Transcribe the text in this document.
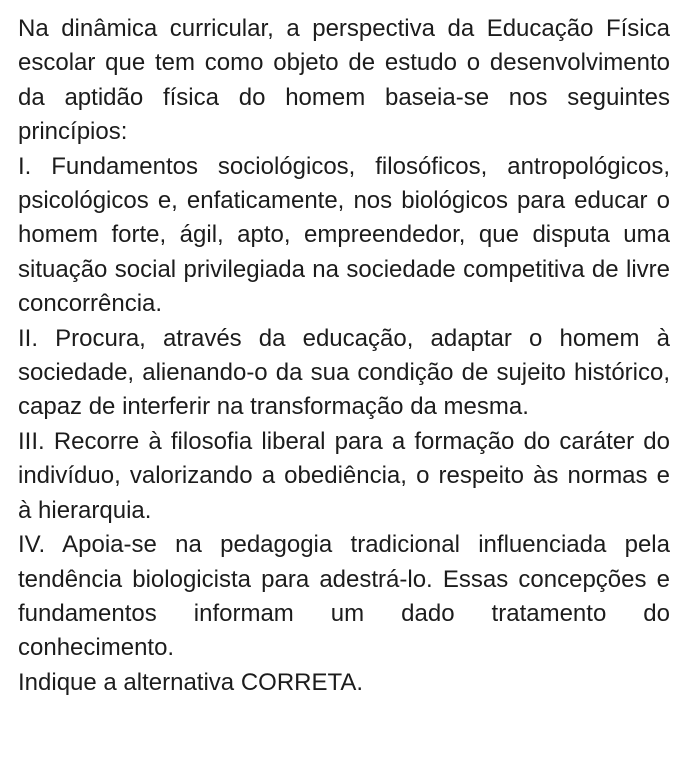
Na dinâmica curricular, a perspectiva da Educação Física escolar que tem como objeto de estudo o desenvolvimento da aptidão física do homem baseia-se nos seguintes princípios:

I. Fundamentos sociológicos, filosóficos, antropológicos, psicológicos e, enfaticamente, nos biológicos para educar o homem forte, ágil, apto, empreendedor, que disputa uma situação social privilegiada na sociedade competitiva de livre concorrência.

II. Procura, através da educação, adaptar o homem à sociedade, alienando-o da sua condição de sujeito histórico, capaz de interferir na transformação da mesma.

III. Recorre à filosofia liberal para a formação do caráter do indivíduo, valorizando a obediência, o respeito às normas e à hierarquia.

IV. Apoia-se na pedagogia tradicional influenciada pela tendência biologicista para adestrá-lo. Essas concepções e fundamentos informam um dado tratamento do conhecimento.

Indique a alternativa CORRETA.
